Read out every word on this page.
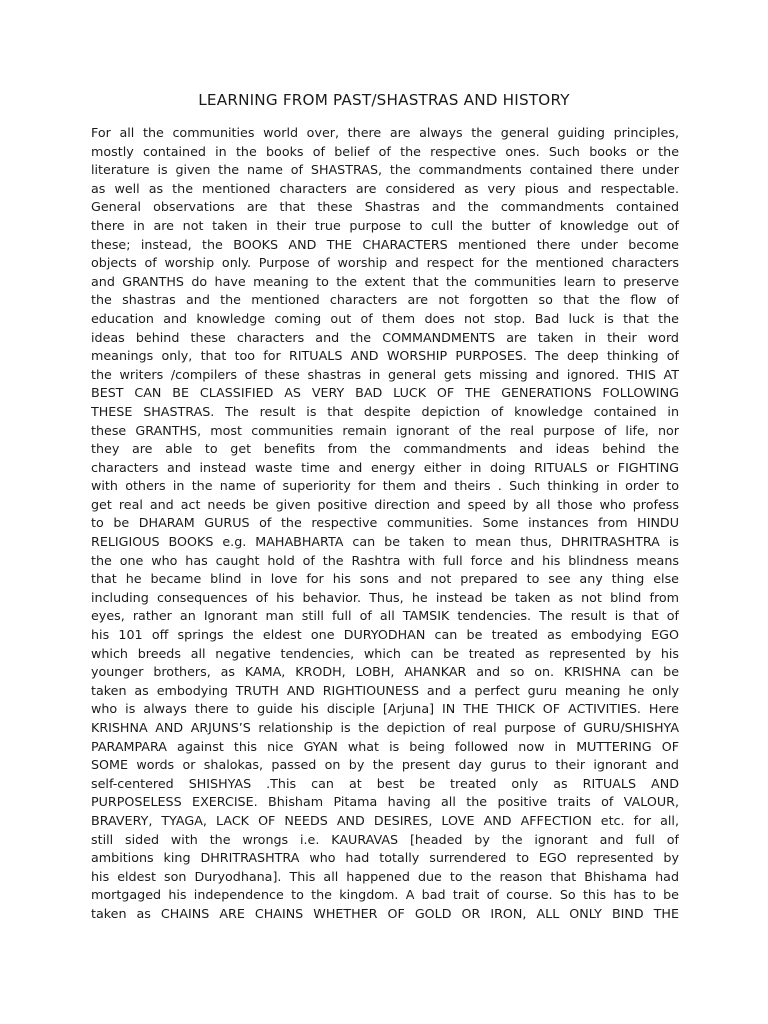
LEARNING FROM PAST/SHASTRAS AND HISTORY
For all the communities world over, there are always the general guiding principles,
mostly contained in the books of belief of the respective ones. Such books or the
literature is given the name of SHASTRAS, the commandments contained there under
as well as the mentioned characters are considered as very pious and respectable.
General observations are that these Shastras and the commandments contained
there in are not taken in their true purpose to cull the butter of knowledge out of
these; instead, the BOOKS AND THE CHARACTERS mentioned there under become
objects of worship only. Purpose of worship and respect for the mentioned characters
and GRANTHS do have meaning to the extent that the communities learn to preserve
the shastras and the mentioned characters are not forgotten so that the flow of
education and knowledge coming out of them does not stop. Bad luck is that the
ideas behind these characters and the COMMANDMENTS are taken in their word
meanings only, that too for RITUALS AND WORSHIP PURPOSES. The deep thinking of
the writers /compilers of these shastras in general gets missing and ignored. THIS AT
BEST CAN BE CLASSIFIED AS VERY BAD LUCK OF THE GENERATIONS FOLLOWING
THESE SHASTRAS. The result is that despite depiction of knowledge contained in
these GRANTHS, most communities remain ignorant of the real purpose of life, nor
they are able to get benefits from the commandments and ideas behind the
characters and instead waste time and energy either in doing RITUALS or FIGHTING
with others in the name of superiority for them and theirs . Such thinking in order to
get real and act needs be given positive direction and speed by all those who profess
to be DHARAM GURUS of the respective communities. Some instances from HINDU
RELIGIOUS BOOKS e.g. MAHABHARTA can be taken to mean thus, DHRITRASHTRA is
the one who has caught hold of the Rashtra with full force and his blindness means
that he became blind in love for his sons and not prepared to see any thing else
including consequences of his behavior. Thus, he instead be taken as not blind from
eyes, rather an Ignorant man still full of all TAMSIK tendencies. The result is that of
his 101 off springs the eldest one DURYODHAN can be treated as embodying EGO
which breeds all negative tendencies, which can be treated as represented by his
younger brothers, as KAMA, KRODH, LOBH, AHANKAR and so on. KRISHNA can be
taken as embodying TRUTH AND RIGHTIOUNESS and a perfect guru meaning he only
who is always there to guide his disciple [Arjuna] IN THE THICK OF ACTIVITIES. Here
KRISHNA AND ARJUNS’S relationship is the depiction of real purpose of GURU/SHISHYA
PARAMPARA against this nice GYAN what is being followed now in MUTTERING OF
SOME words or shalokas, passed on by the present day gurus to their ignorant and
self-centered SHISHYAS .This can at best be treated only as RITUALS AND
PURPOSELESS EXERCISE. Bhisham Pitama having all the positive traits of VALOUR,
BRAVERY, TYAGA, LACK OF NEEDS AND DESIRES, LOVE AND AFFECTION etc. for all,
still sided with the wrongs i.e. KAURAVAS [headed by the ignorant and full of
ambitions king DHRITRASHTRA who had totally surrendered to EGO represented by
his eldest son Duryodhana]. This all happened due to the reason that Bhishama had
mortgaged his independence to the kingdom. A bad trait of course. So this has to be
taken as CHAINS ARE CHAINS WHETHER OF GOLD OR IRON, ALL ONLY BIND THE
